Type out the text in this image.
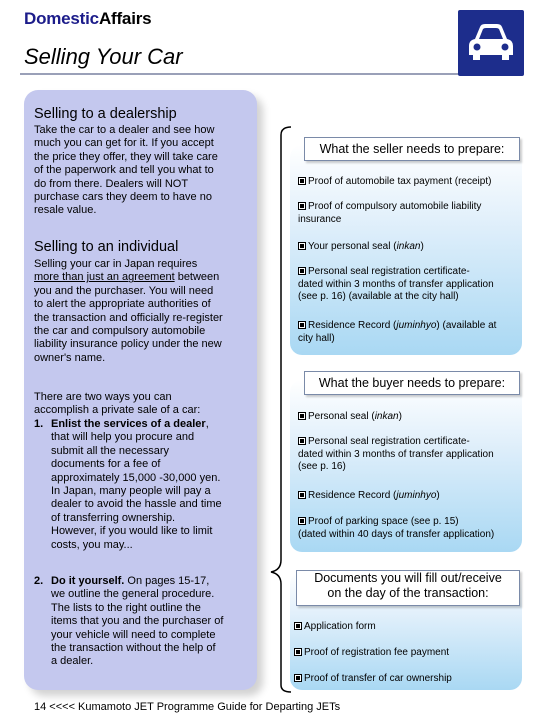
DomesticAffairs
Selling Your Car
Selling to a dealership
Take the car to a dealer and see how
much you can get for it. If you accept
the price they offer, they will take care
of the paperwork and tell you what to
do from there. Dealers will NOT
purchase cars they deem to have no
resale value.
Selling to an individual
Selling your car in Japan requires
more than just an agreement between
you and the purchaser. You will need
to alert the appropriate authorities of
the transaction and officially re-register
the car and compulsory automobile
liability insurance policy under the new
owner's name.
There are two ways you can
accomplish a private sale of a car:
1. Enlist the services of a dealer,
that will help you procure and
submit all the necessary
documents for a fee of
approximately 15,000 -30,000 yen.
In Japan, many people will pay a
dealer to avoid the hassle and time
of transferring ownership.
However, if you would like to limit
costs, you may...
2. Do it yourself. On pages 15-17,
we outline the general procedure.
The lists to the right outline the
items that you and the purchaser of
your vehicle will need to complete
the transaction without the help of
a dealer.
What the seller needs to prepare:
Proof of automobile tax payment (receipt)
Proof of compulsory automobile liability
insurance
Your personal seal (inkan)
Personal seal registration certificate-
dated within 3 months of transfer application
(see p. 16) (available at the city hall)
Residence Record (juminhyo) (available at
city hall)
What the buyer needs to prepare:
Personal seal (inkan)
Personal seal registration certificate-
dated within 3 months of transfer application
(see p. 16)
Residence Record (juminhyo)
Proof of parking space (see p. 15)
(dated within 40 days of transfer application)
Documents you will fill out/receive
on the day of the transaction:
Application form
Proof of registration fee payment
Proof of transfer of car ownership
14 <<<< Kumamoto JET Programme Guide for Departing JETs
